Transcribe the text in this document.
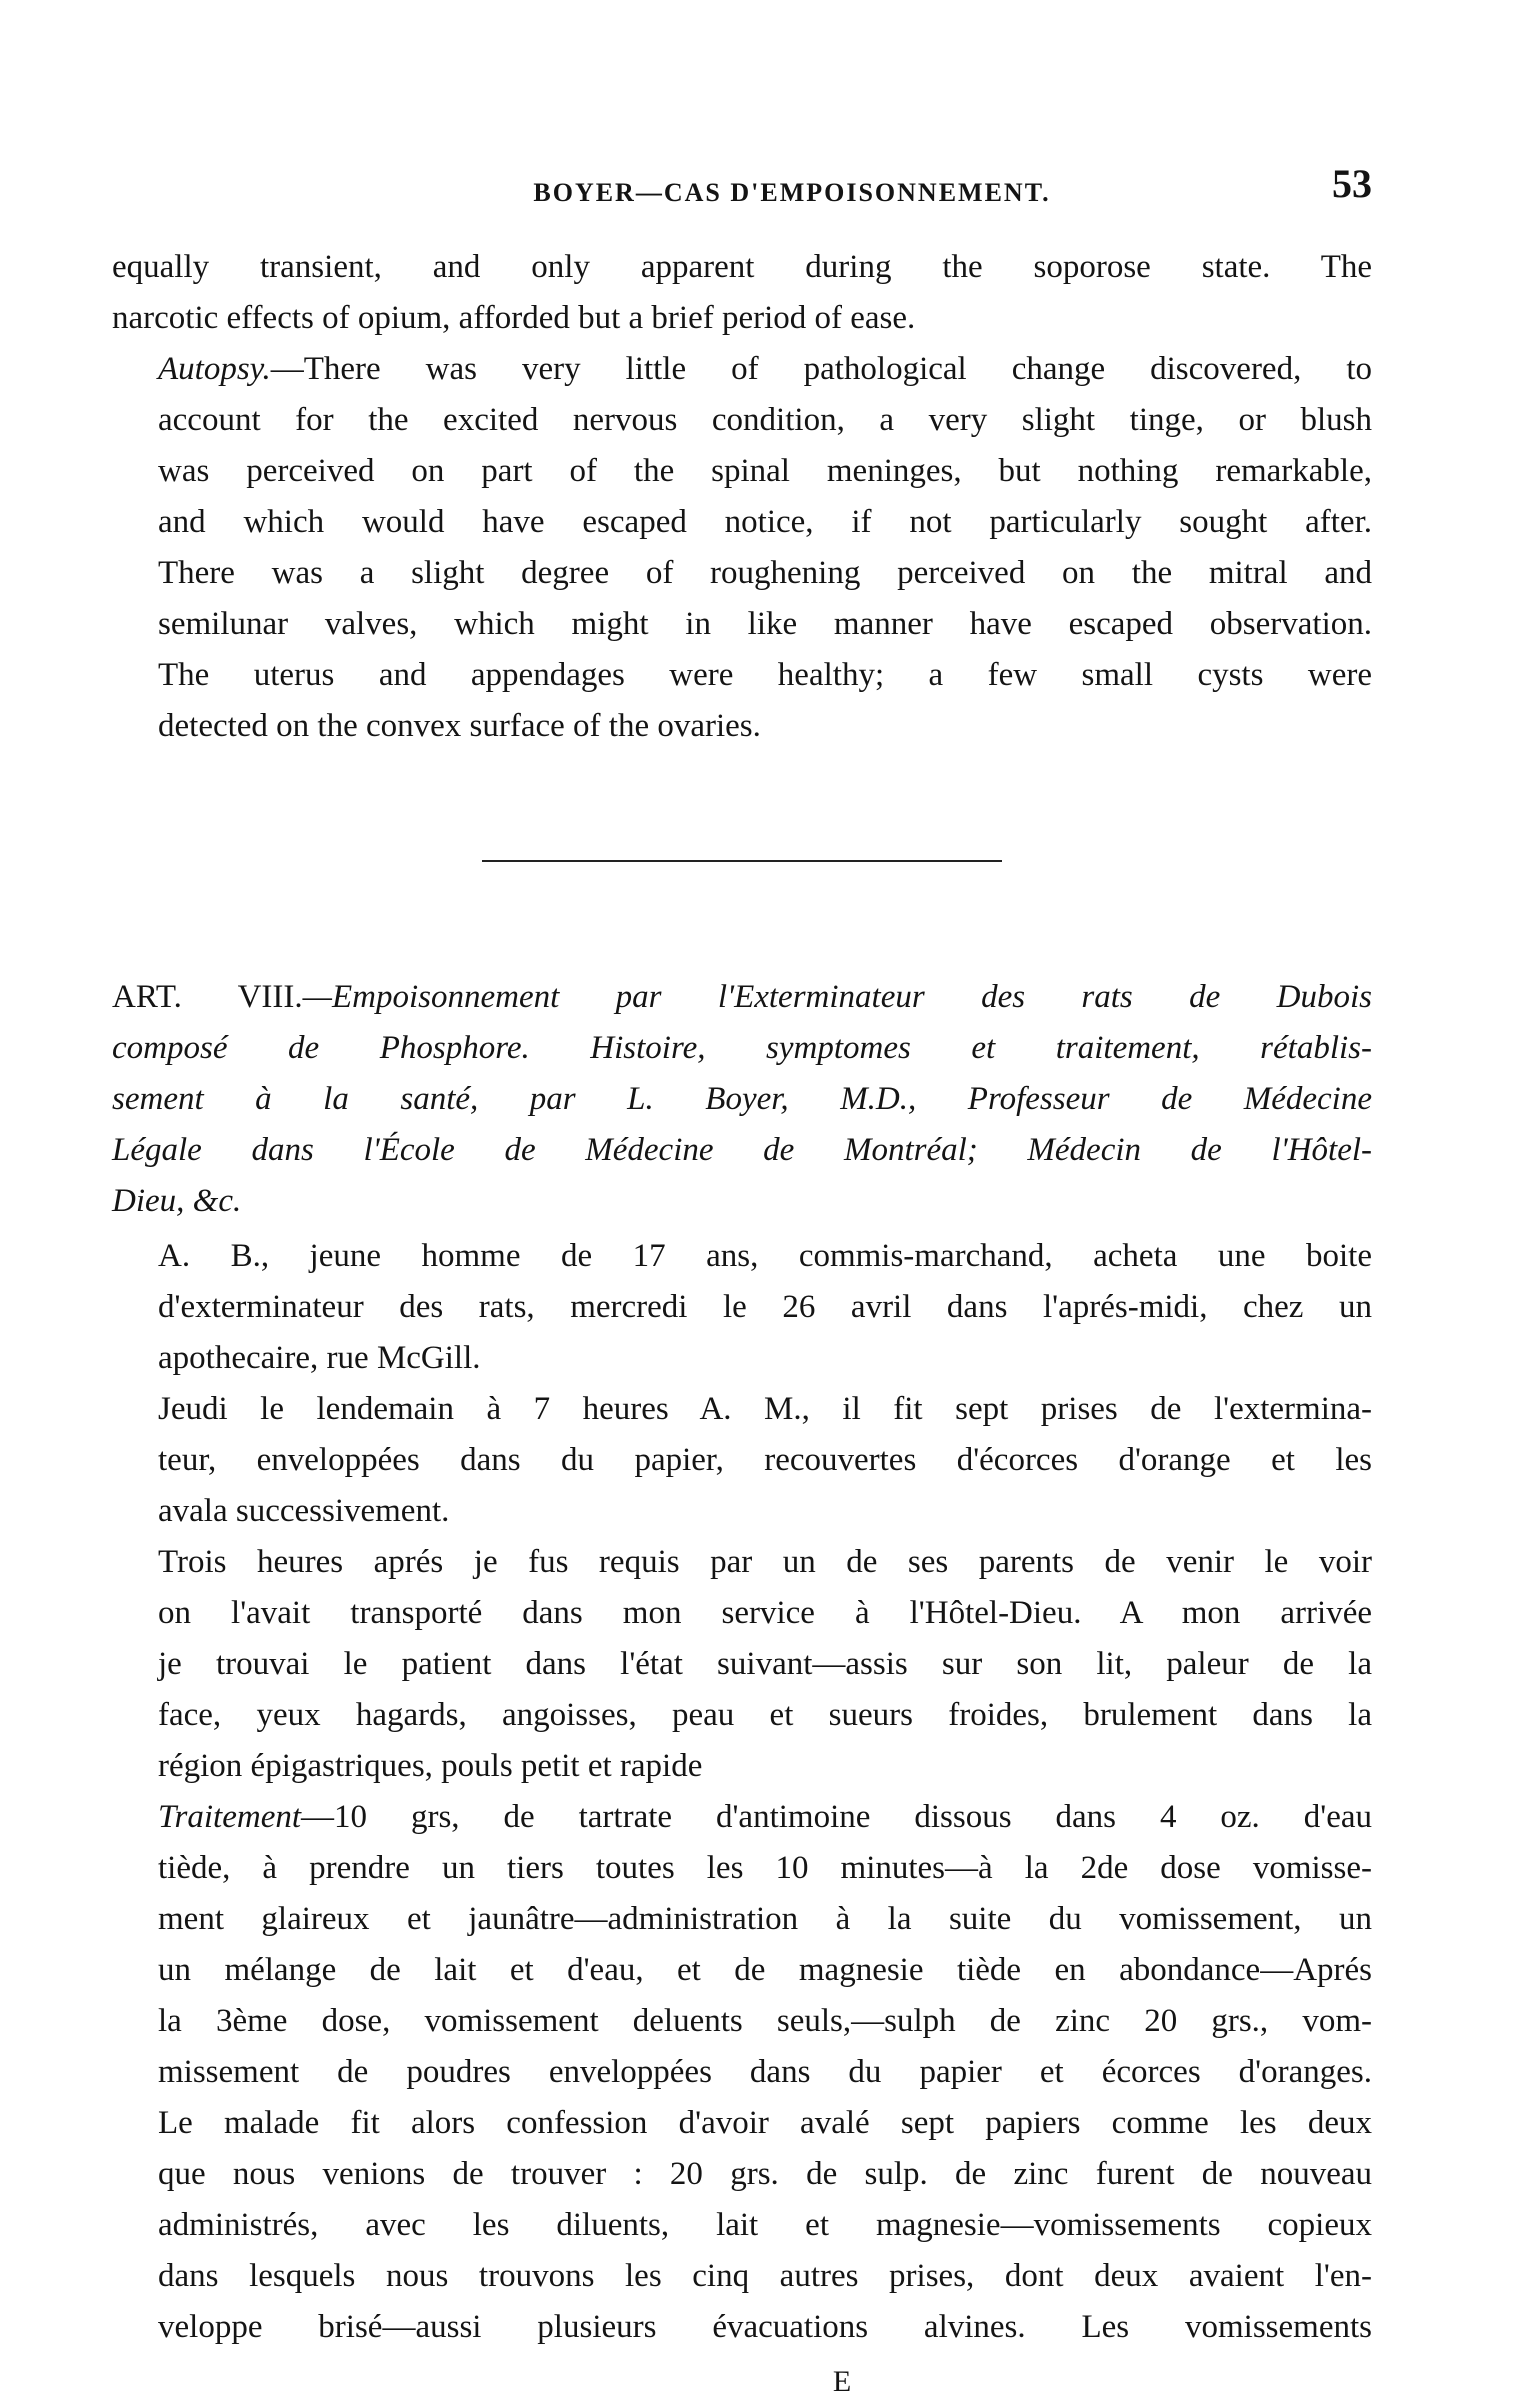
BOYER—CAS D'EMPOISONNEMENT.	53

equally transient, and only apparent during the soporose state. The
narcotic effects of opium, afforded but a brief period of ease.

Autopsy.—There was very little of pathological change discovered, to
account for the excited nervous condition, a very slight tinge, or blush
was perceived on part of the spinal meninges, but nothing remarkable,
and which would have escaped notice, if not particularly sought after.
There was a slight degree of roughening perceived on the mitral and
semilunar valves, which might in like manner have escaped observation.
The uterus and appendages were healthy; a few small cysts were
detected on the convex surface of the ovaries.

ART. VIII.—Empoisonnement par l'Exterminateur des rats de Dubois
composé de Phosphore. Histoire, symptomes et traitement, rétablis-
sement à la santé, par L. Boyer, M.D., Professeur de Médecine
Légale dans l'École de Médecine de Montréal; Médecin de l'Hôtel-
Dieu, &c.

A. B., jeune homme de 17 ans, commis-marchand, acheta une boite
d'exterminateur des rats, mercredi le 26 avril dans l'aprés-midi, chez un
apothecaire, rue McGill.

Jeudi le lendemain à 7 heures A. M., il fit sept prises de l'extermina-
teur, enveloppées dans du papier, recouvertes d'écorces d'orange et les
avala successivement.

Trois heures aprés je fus requis par un de ses parents de venir le voir
on l'avait transporté dans mon service à l'Hôtel-Dieu. A mon arrivée
je trouvai le patient dans l'état suivant—assis sur son lit, paleur de la
face, yeux hagards, angoisses, peau et sueurs froides, brulement dans la
région épigastriques, pouls petit et rapide

Traitement—10 grs, de tartrate d'antimoine dissous dans 4 oz. d'eau
tiède, à prendre un tiers toutes les 10 minutes—à la 2de dose vomisse-
ment glaireux et jaunâtre—administration à la suite du vomissement, un
un mélange de lait et d'eau, et de magnesie tiède en abondance—Aprés
la 3ème dose, vomissement deluents seuls,—sulph de zinc 20 grs., vom-
missement de poudres enveloppées dans du papier et écorces d'oranges.
Le malade fit alors confession d'avoir avalé sept papiers comme les deux
que nous venions de trouver : 20 grs. de sulp. de zinc furent de nouveau
administrés, avec les diluents, lait et magnesie—vomissements copieux
dans lesquels nous trouvons les cinq autres prises, dont deux avaient l'en-
veloppe brisé—aussi plusieurs évacuations alvines. Les vomissements

E
